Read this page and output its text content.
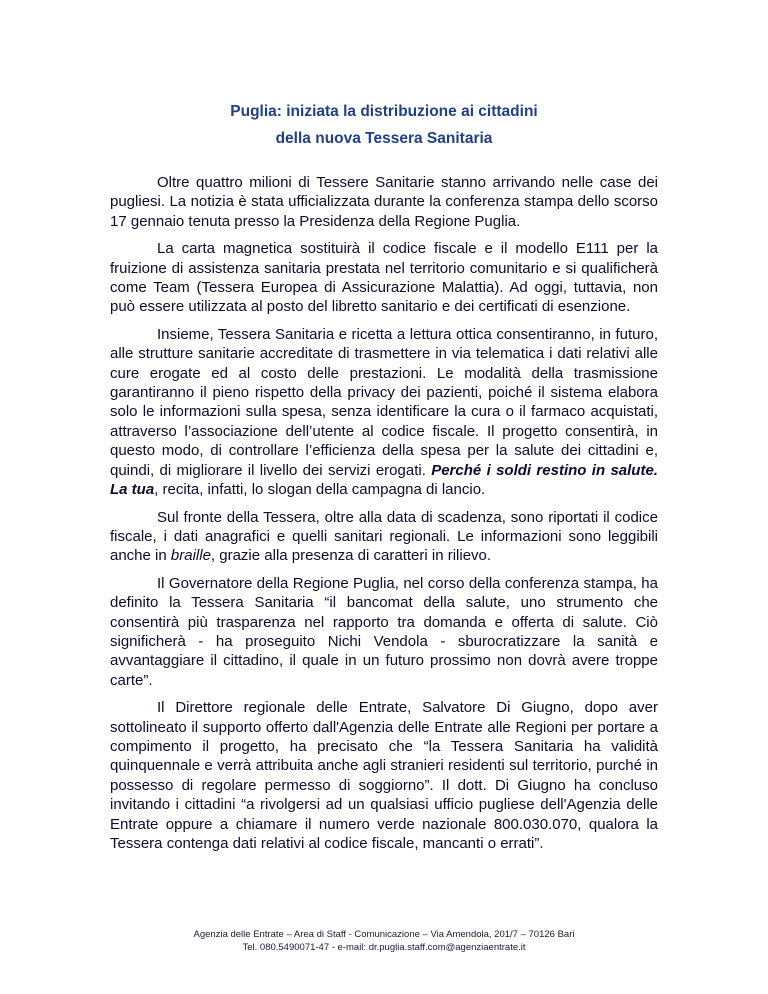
Puglia: iniziata la distribuzione ai cittadini
della nuova Tessera Sanitaria

Oltre quattro milioni di Tessere Sanitarie stanno arrivando nelle case dei pugliesi. La notizia è stata ufficializzata durante la conferenza stampa dello scorso 17 gennaio tenuta presso la Presidenza della Regione Puglia.

La carta magnetica sostituirà il codice fiscale e il modello E111 per la fruizione di assistenza sanitaria prestata nel territorio comunitario e si qualificherà come Team (Tessera Europea di Assicurazione Malattia). Ad oggi, tuttavia, non può essere utilizzata al posto del libretto sanitario e dei certificati di esenzione.

Insieme, Tessera Sanitaria e ricetta a lettura ottica consentiranno, in futuro, alle strutture sanitarie accreditate di trasmettere in via telematica i dati relativi alle cure erogate ed al costo delle prestazioni. Le modalità della trasmissione garantiranno il pieno rispetto della privacy dei pazienti, poiché il sistema elabora solo le informazioni sulla spesa, senza identificare la cura o il farmaco acquistati, attraverso l’associazione dell’utente al codice fiscale. Il progetto consentirà, in questo modo, di controllare l’efficienza della spesa per la salute dei cittadini e, quindi, di migliorare il livello dei servizi erogati. Perché i soldi restino in salute. La tua, recita, infatti, lo slogan della campagna di lancio.

Sul fronte della Tessera, oltre alla data di scadenza, sono riportati il codice fiscale, i dati anagrafici e quelli sanitari regionali. Le informazioni sono leggibili anche in braille, grazie alla presenza di caratteri in rilievo.

Il Governatore della Regione Puglia, nel corso della conferenza stampa, ha definito la Tessera Sanitaria “il bancomat della salute, uno strumento che consentirà più trasparenza nel rapporto tra domanda e offerta di salute. Ciò significherà - ha proseguito Nichi Vendola - sburocratizzare la sanità e avvantaggiare il cittadino, il quale in un futuro prossimo non dovrà avere troppe carte”.

Il Direttore regionale delle Entrate, Salvatore Di Giugno, dopo aver sottolineato il supporto offerto dall'Agenzia delle Entrate alle Regioni per portare a compimento il progetto, ha precisato che “la Tessera Sanitaria ha validità quinquennale e verrà attribuita anche agli stranieri residenti sul territorio, purché in possesso di regolare permesso di soggiorno”. Il dott. Di Giugno ha concluso invitando i cittadini “a rivolgersi ad un qualsiasi ufficio pugliese dell'Agenzia delle Entrate oppure a chiamare il numero verde nazionale 800.030.070, qualora la Tessera contenga dati relativi al codice fiscale, mancanti o errati”.

Agenzia delle Entrate – Area di Staff - Comunicazione – Via Amendola, 201/7 – 70126 Bari
Tel. 080.5490071-47 - e-mail: dr.puglia.staff.com@agenziaentrate.it
